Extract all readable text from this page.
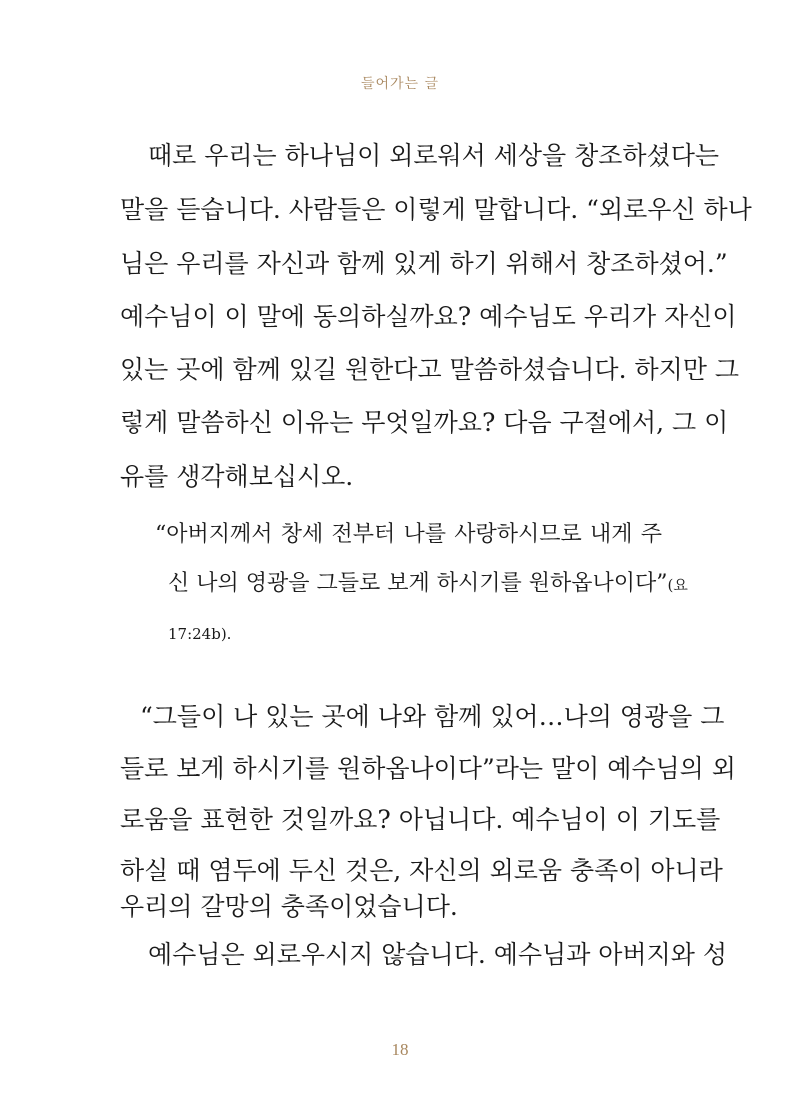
들어가는 글
때로 우리는 하나님이 외로워서 세상을 창조하셨다는
말을 듣습니다. 사람들은 이렇게 말합니다. “외로우신 하나
님은 우리를 자신과 함께 있게 하기 위해서 창조하셨어.”
예수님이 이 말에 동의하실까요? 예수님도 우리가 자신이
있는 곳에 함께 있길 원한다고 말씀하셨습니다. 하지만 그
렇게 말씀하신 이유는 무엇일까요? 다음 구절에서, 그 이
유를 생각해보십시오.
“아버지께서 창세 전부터 나를 사랑하시므로 내게 주
신 나의 영광을 그들로 보게 하시기를 원하옵나이다”(요
17:24b).
“그들이 나 있는 곳에 나와 함께 있어…나의 영광을 그
들로 보게 하시기를 원하옵나이다”라는 말이 예수님의 외
로움을 표현한 것일까요? 아닙니다. 예수님이 이 기도를
하실 때 염두에 두신 것은, 자신의 외로움 충족이 아니라
우리의 갈망의 충족이었습니다.
예수님은 외로우시지 않습니다. 예수님과 아버지와 성
18
